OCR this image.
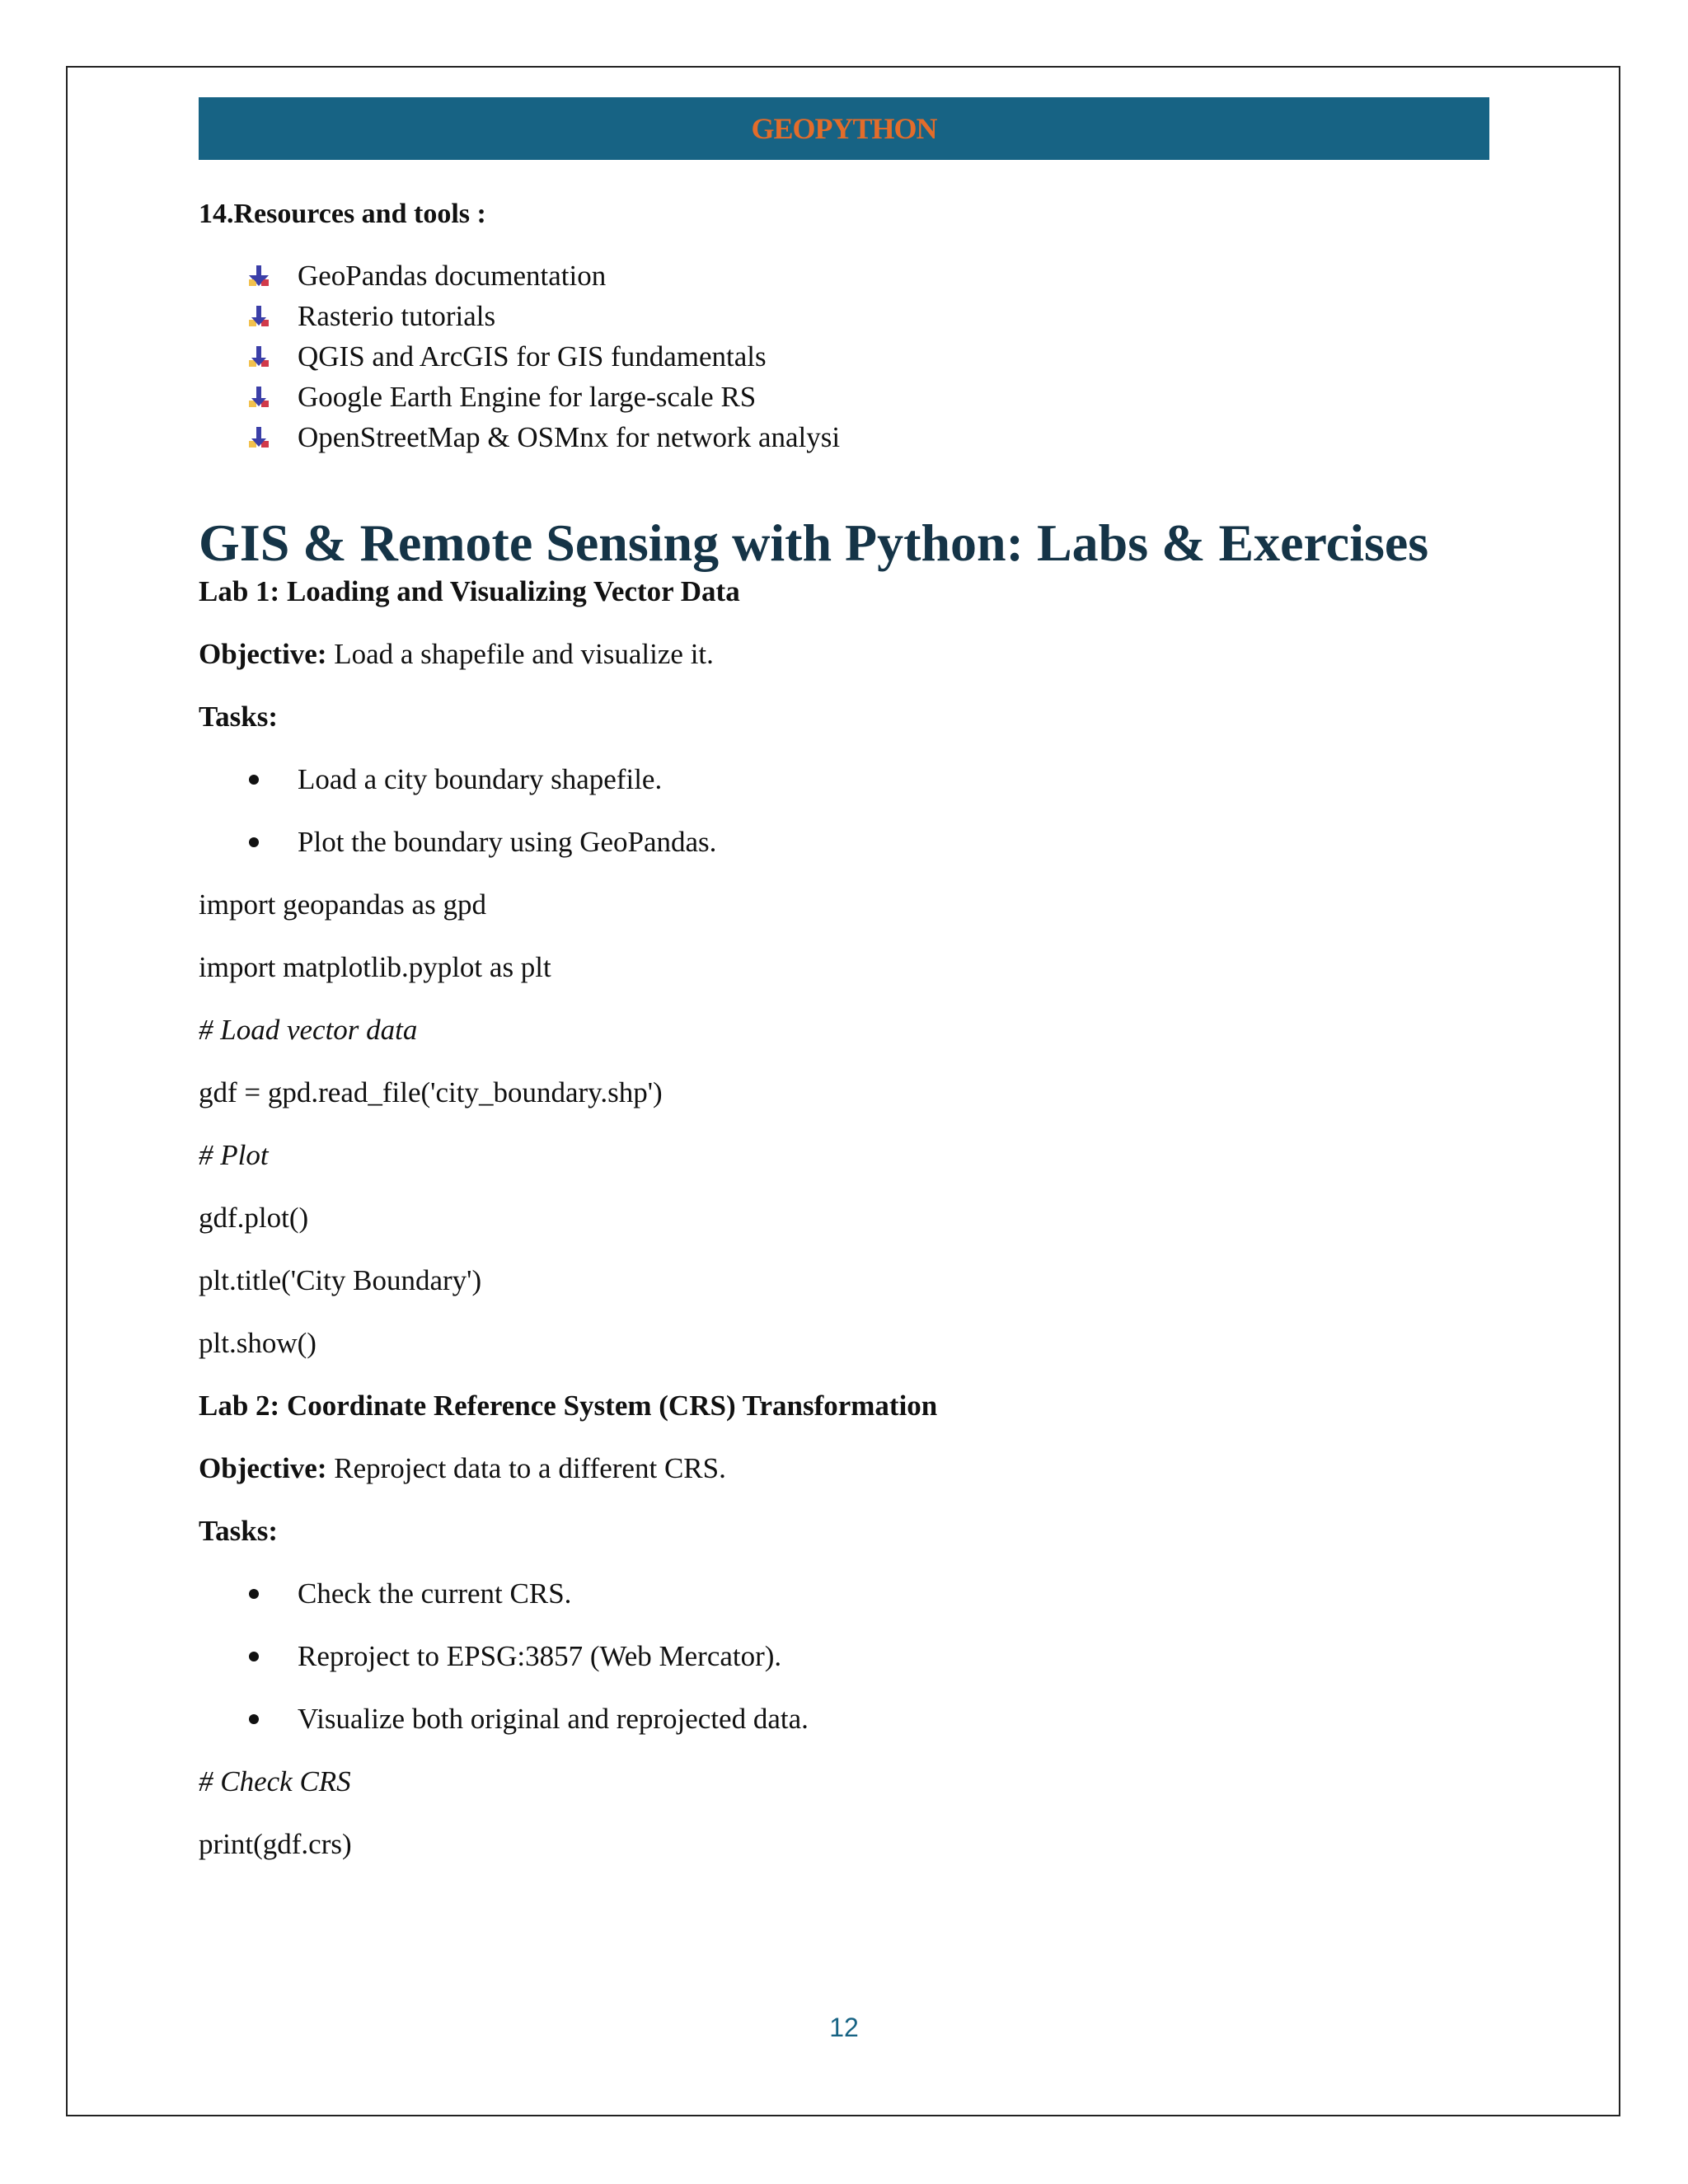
GEOPYTHON
14.Resources and tools :
GeoPandas documentation
Rasterio tutorials
QGIS and ArcGIS for GIS fundamentals
Google Earth Engine for large-scale RS
OpenStreetMap & OSMnx for network analysi
GIS & Remote Sensing with Python: Labs & Exercises
Lab 1: Loading and Visualizing Vector Data
Objective: Load a shapefile and visualize it.
Tasks:
Load a city boundary shapefile.
Plot the boundary using GeoPandas.
import geopandas as gpd
import matplotlib.pyplot as plt
# Load vector data
gdf = gpd.read_file('city_boundary.shp')
# Plot
gdf.plot()
plt.title('City Boundary')
plt.show()
Lab 2: Coordinate Reference System (CRS) Transformation
Objective: Reproject data to a different CRS.
Tasks:
Check the current CRS.
Reproject to EPSG:3857 (Web Mercator).
Visualize both original and reprojected data.
# Check CRS
print(gdf.crs)
12
